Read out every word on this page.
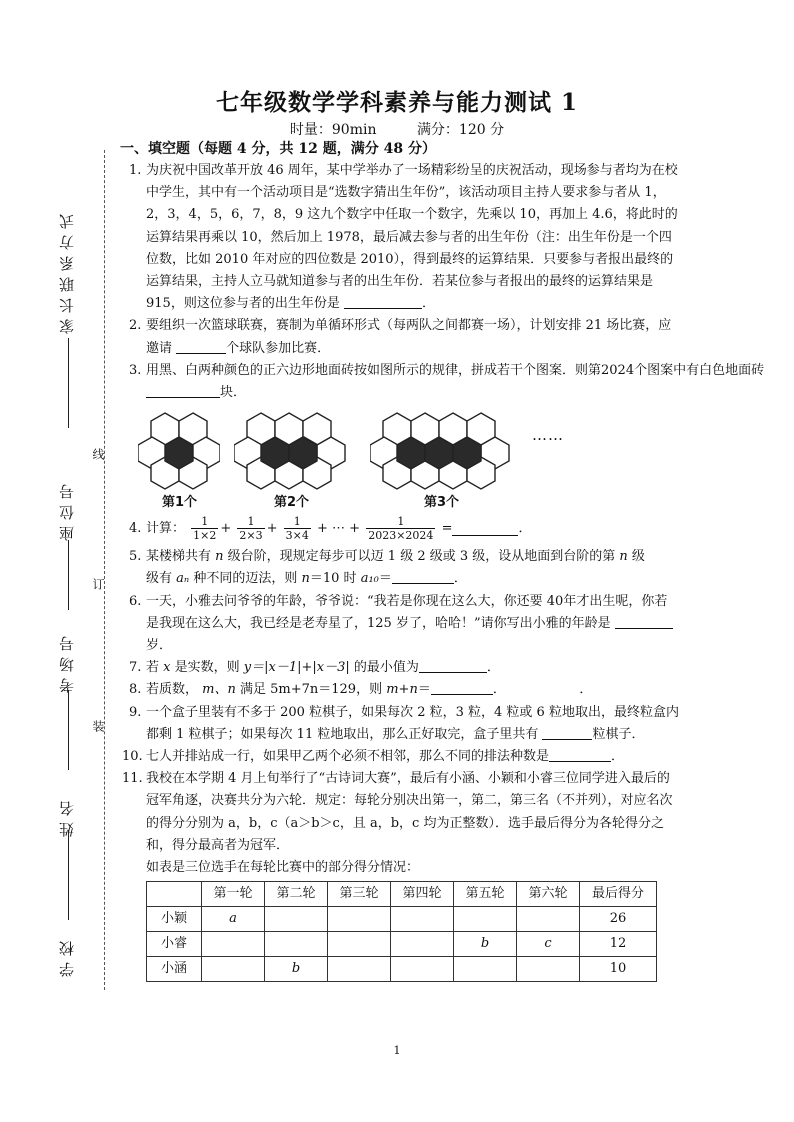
七年级数学学科素养与能力测试 1
时量：90min	满分：120 分
一、填空题（每题 4 分，共 12 题，满分 48 分）
家长联系方式
座位号
考场号
姓名
学校
线
订
装
1. 为庆祝中国改革开放 46 周年，某中学举办了一场精彩纷呈的庆祝活动，现场参与者均为在校中学生，其中有一个活动项目是“选数字猜出生年份”，该活动项目主持人要求参与者从 1，2，3，4，5，6，7，8，9 这九个数字中任取一个数字，先乘以 10，再加上 4.6，将此时的运算结果再乘以 10，然后加上 1978，最后减去参与者的出生年份（注：出生年份是一个四位数，比如 2010 年对应的四位数是 2010），得到最终的运算结果．只要参与者报出最终的运算结果，主持人立马就知道参与者的出生年份．若某位参与者报出的最终的运算结果是 915，则这位参与者的出生年份是	．
2. 要组织一次篮球联赛，赛制为单循环形式（每两队之间都赛一场），计划安排 21 场比赛，应邀请	个球队参加比赛．
3. 用黑、白两种颜色的正六边形地面砖按如图所示的规律，拼成若干个图案．则第2024个图案中有白色地面砖 块．
……
第1个	第2个	第3个
4. 计算： $\frac{1}{1\times 2} + \frac{1}{2\times 3} + \frac{1}{3\times 4}$ + ⋯ + $\frac{1}{2023\times 2024}$ =	．
5. 某楼梯共有 n 级台阶，现规定每步可以迈 1 级 2 级或 3 级，设从地面到台阶的第 n 级
级有 aₙ 种不同的迈法，则 n＝10 时 a₁₀＝	．
6. 一天，小雅去问爷爷的年龄，爷爷说：“我若是你现在这么大，你还要 40年才出生呢，你若是我现在这么大，我已经是老寿星了，125 岁了，哈哈！”请你写出小雅的年龄是 岁．
7. 若 x 是实数，则 y＝|x－1|+|x－3| 的最小值为	．
8. 若质数， m、n 满足 5m+7n＝129，则 m+n＝	．	．
9. 一个盒子里装有不多于 200 粒棋子，如果每次 2 粒，3 粒，4 粒或 6 粒地取出，最终粒盒内都剩 1 粒棋子；如果每次 11 粒地取出，那么正好取完，盒子里共有	粒棋子．
10. 七人并排站成一行，如果甲乙两个必须不相邻，那么不同的排法种数是	．
11. 我校在本学期 4 月上旬举行了“古诗词大赛”，最后有小涵、小颖和小睿三位同学进入最后的冠军角逐，决赛共分为六轮．规定：每轮分别决出第一，第二，第三名（不并列），对应名次的得分分别为 a，b，c（a＞b＞c，且 a，b，c 均为正整数）．选手最后得分为各轮得分之和，得分最高者为冠军．
如表是三位选手在每轮比赛中的部分得分情况：
	第一轮	第二轮	第三轮	第四轮	第五轮	第六轮	最后得分
小颖	a						26
小睿					b	c	12
小涵		b					10
1
